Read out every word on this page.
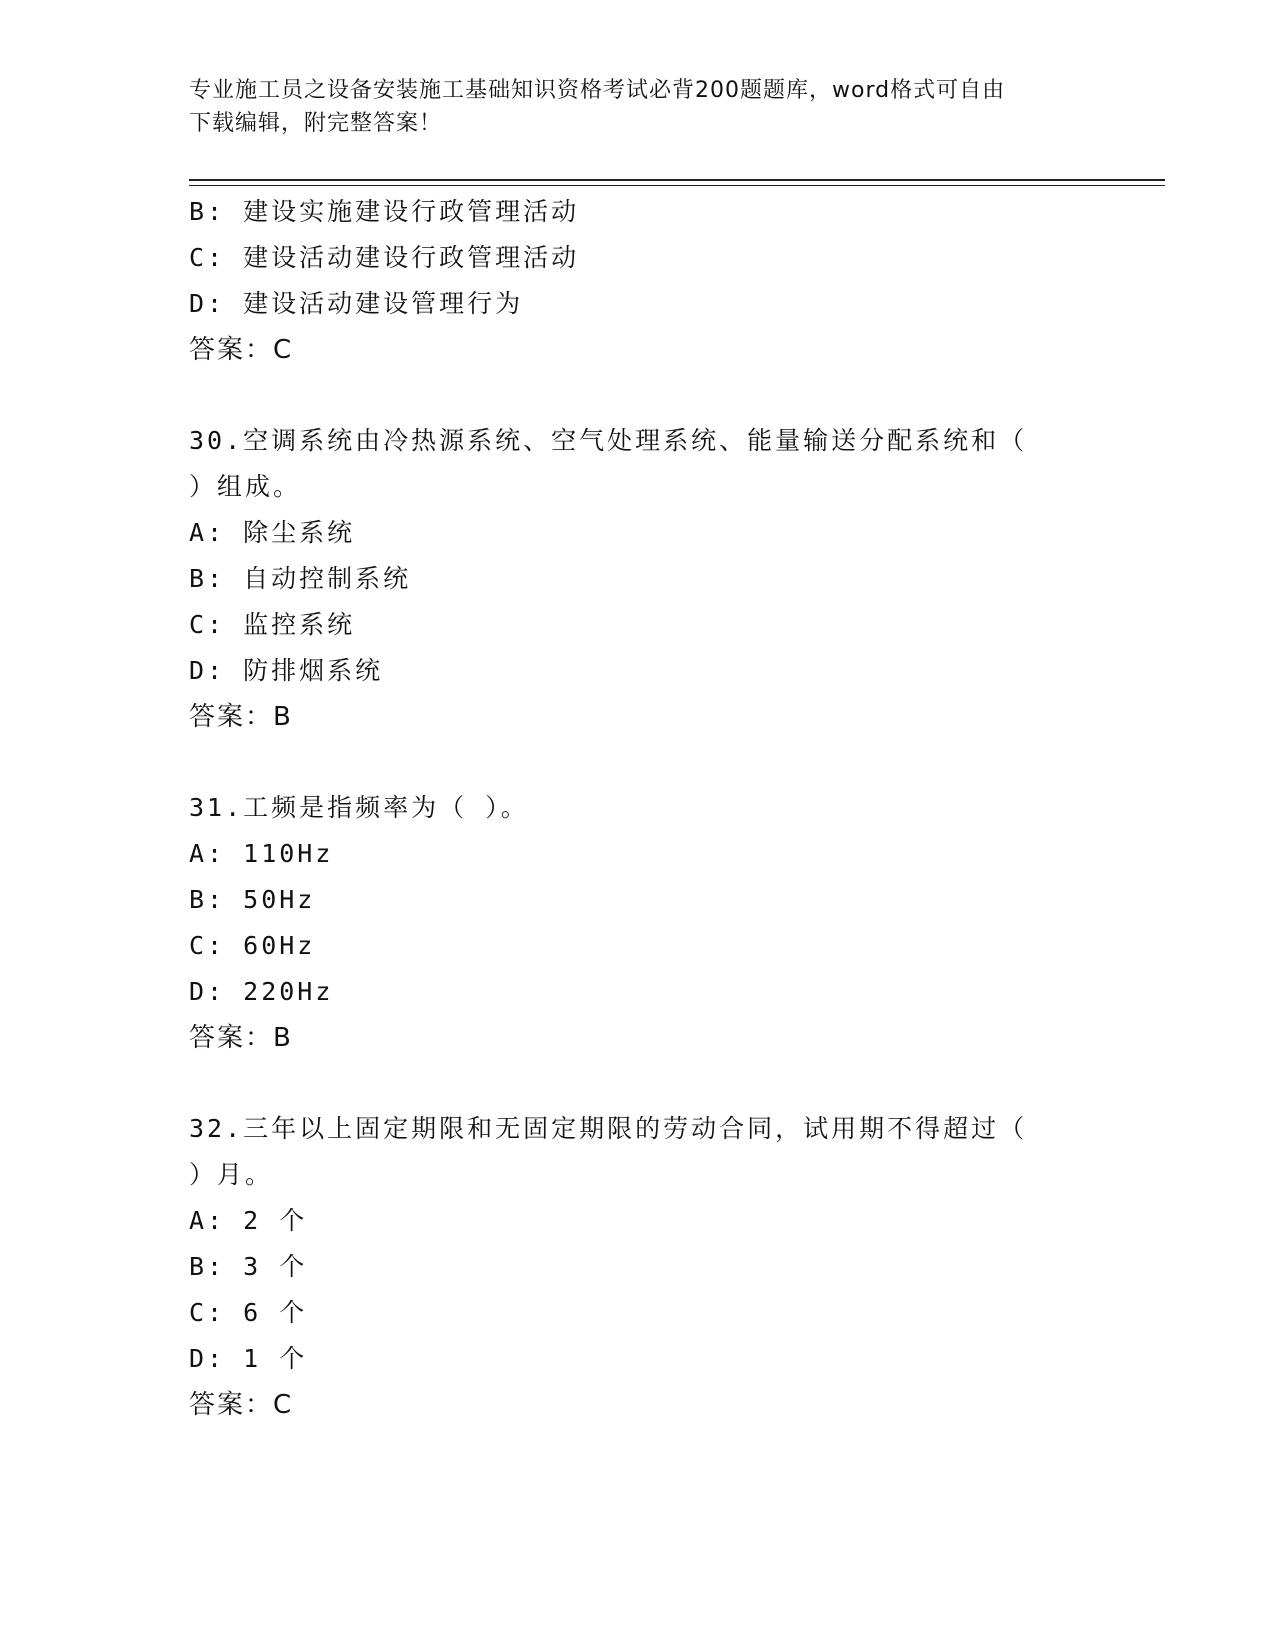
专业施工员之设备安装施工基础知识资格考试必背200题题库，word格式可自由
下载编辑，附完整答案！
B: 建设实施建设行政管理活动
C: 建设活动建设行政管理活动
D: 建设活动建设管理行为
答案：C
30.空调系统由冷热源系统、空气处理系统、能量输送分配系统和（
）组成。
A: 除尘系统
B: 自动控制系统
C: 监控系统
D: 防排烟系统
答案：B
31.工频是指频率为（ ）。
A: 110Hz
B: 50Hz
C: 60Hz
D: 220Hz
答案：B
32.三年以上固定期限和无固定期限的劳动合同，试用期不得超过（
）月。
A: 2 个
B: 3 个
C: 6 个
D: 1 个
答案：C
